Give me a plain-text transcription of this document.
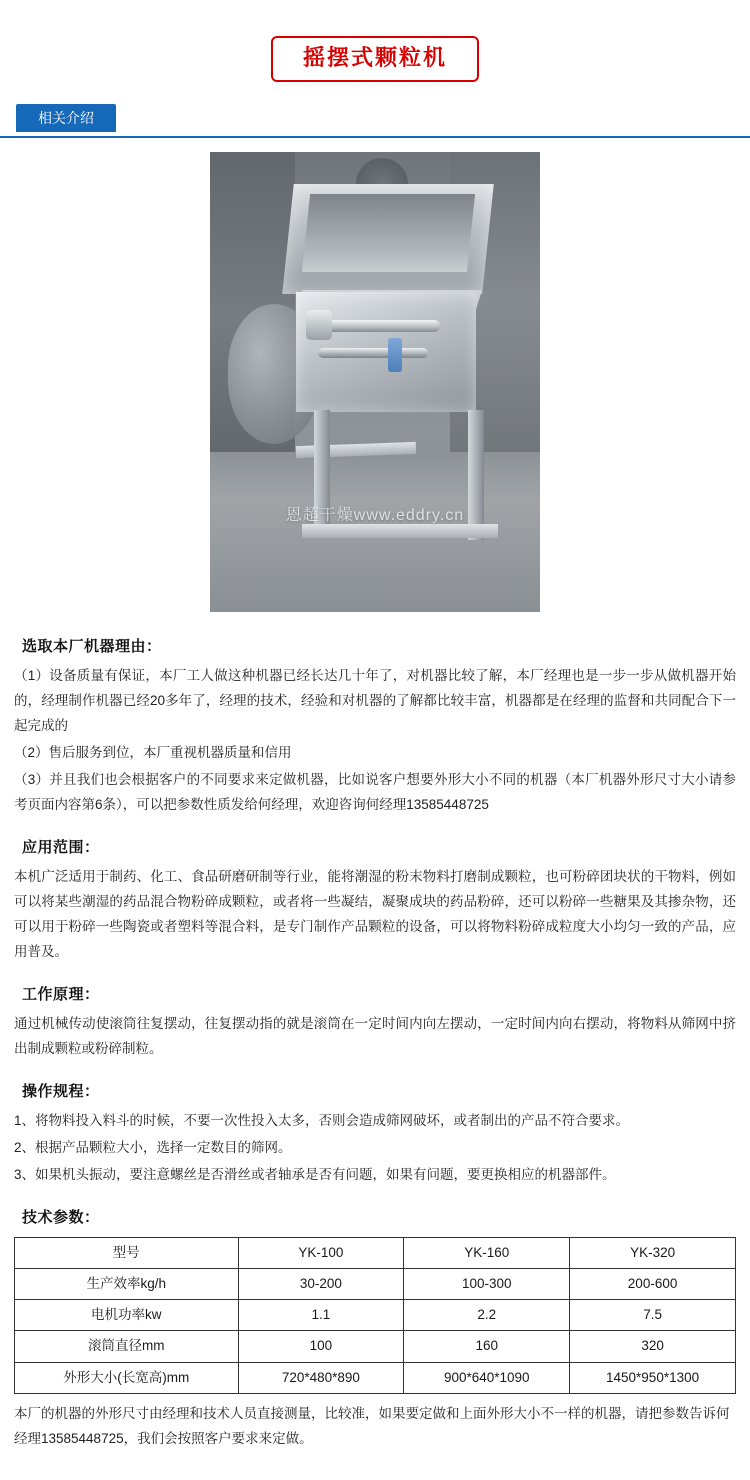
摇摆式颗粒机
相关介绍
恩超干燥www.eddry.cn
选取本厂机器理由：

（1）设备质量有保证，本厂工人做这种机器已经长达几十年了，对机器比较了解，本厂经理也是一步一步从做机器开始的，经理制作机器已经20多年了，经理的技术，经验和对机器的了解都比较丰富，机器都是在经理的监督和共同配合下一起完成的

（2）售后服务到位，本厂重视机器质量和信用

（3）并且我们也会根据客户的不同要求来定做机器，比如说客户想要外形大小不同的机器（本厂机器外形尺寸大小请参考页面内容第6条），可以把参数性质发给何经理，欢迎咨询何经理13585448725

应用范围：

本机广泛适用于制药、化工、食品研磨研制等行业，能将潮湿的粉末物料打磨制成颗粒，也可粉碎团块状的干物料，例如可以将某些潮湿的药品混合物粉碎成颗粒，或者将一些凝结，凝聚成块的药品粉碎，还可以粉碎一些糖果及其掺杂物，还可以用于粉碎一些陶瓷或者塑料等混合料，是专门制作产品颗粒的设备，可以将物料粉碎成粒度大小均匀一致的产品，应用普及。

工作原理：

通过机械传动使滚筒往复摆动，往复摆动指的就是滚筒在一定时间内向左摆动，一定时间内向右摆动，将物料从筛网中挤出制成颗粒或粉碎制粒。

操作规程：

1、将物料投入料斗的时候，不要一次性投入太多，否则会造成筛网破坏，或者制出的产品不符合要求。

2、根据产品颗粒大小，选择一定数目的筛网。

3、如果机头振动，要注意螺丝是否滑丝或者轴承是否有问题，如果有问题，要更换相应的机器部件。

技术参数：
型号	YK-100	YK-160	YK-320
生产效率kg/h	30-200	100-300	200-600
电机功率kw	1.1	2.2	7.5
滚筒直径mm	100	160	320
外形大小(长宽高)mm	720*480*890	900*640*1090	1450*950*1300
本厂的机器的外形尺寸由经理和技术人员直接测量，比较准，如果要定做和上面外形大小不一样的机器，请把参数告诉何经理13585448725，我们会按照客户要求来定做。
